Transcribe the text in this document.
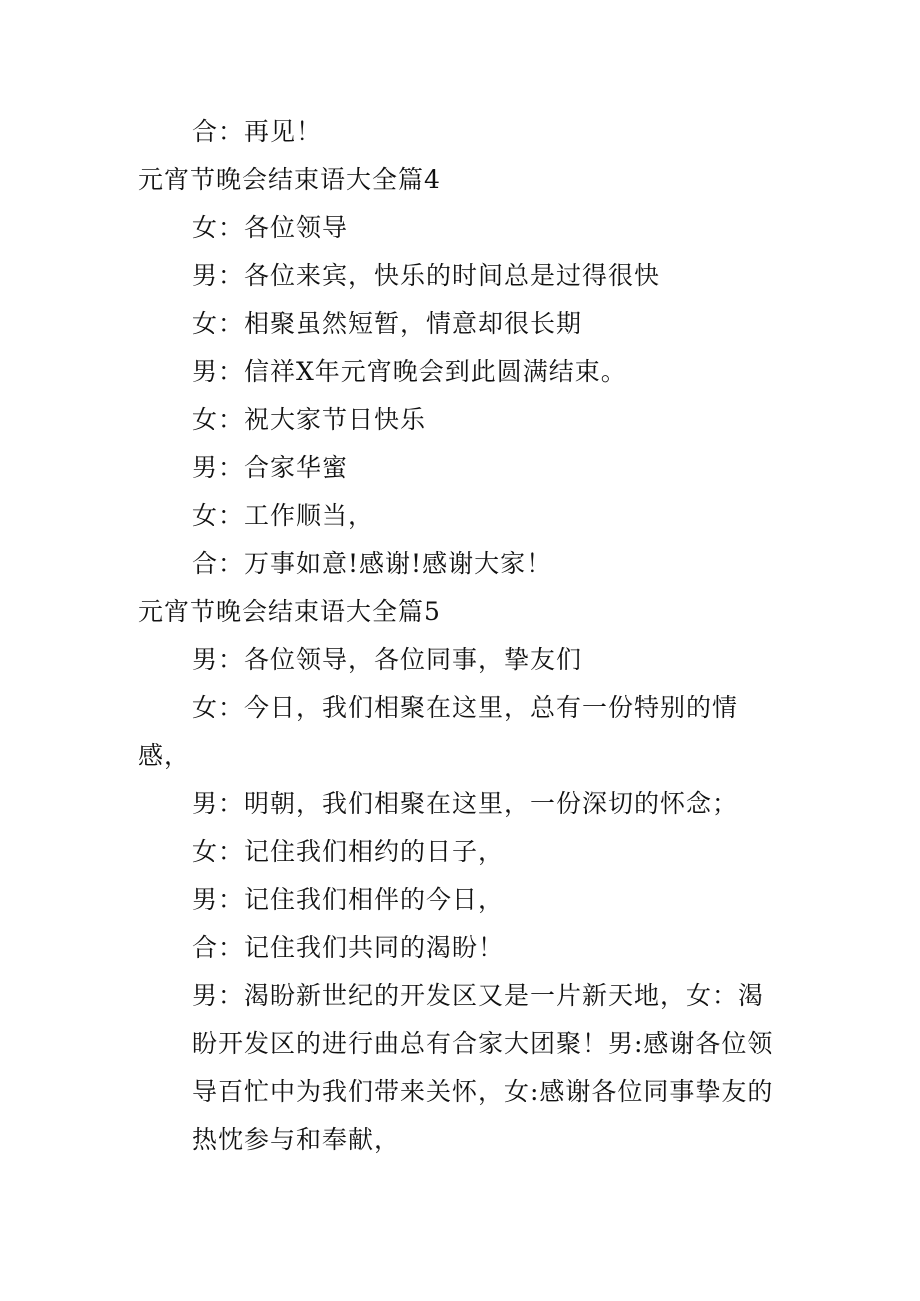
合：再见！
元宵节晚会结束语大全篇4
女：各位领导
男：各位来宾，快乐的时间总是过得很快
女：相聚虽然短暂，情意却很长期
男：信祥X年元宵晚会到此圆满结束。
女：祝大家节日快乐
男：合家华蜜
女：工作顺当，
合：万事如意!感谢!感谢大家！
元宵节晚会结束语大全篇5
男：各位领导，各位同事，挚友们
女：今日，我们相聚在这里，总有一份特别的情
感，
男：明朝，我们相聚在这里，一份深切的怀念；
女：记住我们相约的日子，
男：记住我们相伴的今日，
合：记住我们共同的渴盼！
男：渴盼新世纪的开发区又是一片新天地，女：渴
盼开发区的进行曲总有合家大团聚！男:感谢各位领
导百忙中为我们带来关怀，女:感谢各位同事挚友的
热忱参与和奉献，
